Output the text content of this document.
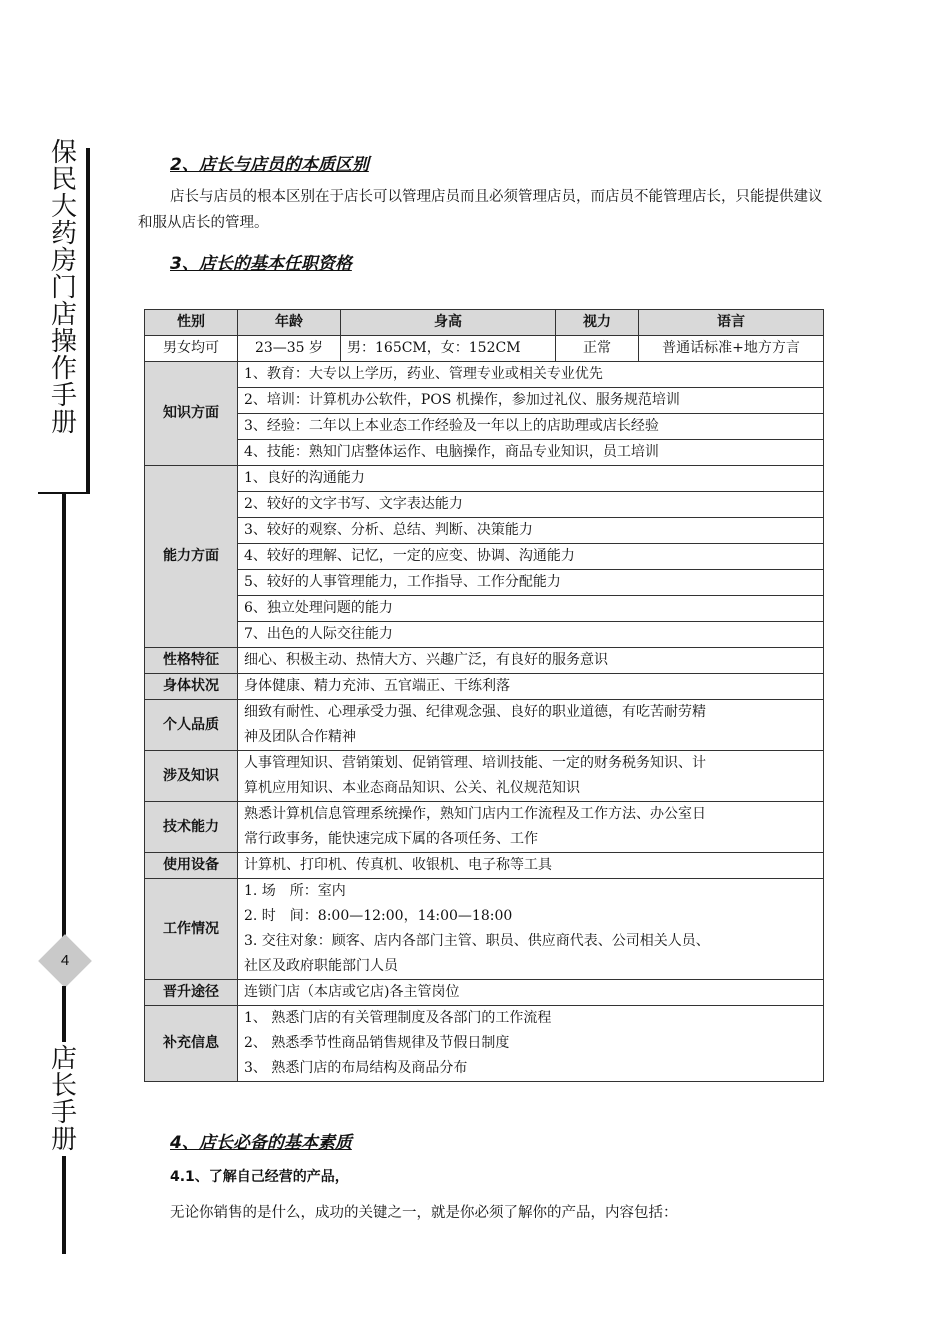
保民大药房门店操作手册
4
店长手册
2、店长与店员的本质区别
店长与店员的根本区别在于店长可以管理店员而且必须管理店员，而店员不能管理店长，只能提供建议和服从店长的管理。
3、店长的基本任职资格
性别	年龄	身高	视力	语言
男女均可	23—35 岁	男：165CM，女：152CM	正常	普通话标准+地方方言
知识方面	1、教育：大专以上学历，药业、管理专业或相关专业优先			
	2、培训：计算机办公软件，POS 机操作，参加过礼仪、服务规范培训			
	3、经验：二年以上本业态工作经验及一年以上的店助理或店长经验			
	4、技能：熟知门店整体运作、电脑操作，商品专业知识，员工培训			
能力方面	1、良好的沟通能力			
	2、较好的文字书写、文字表达能力			
	3、较好的观察、分析、总结、判断、决策能力			
	4、较好的理解、记忆，一定的应变、协调、沟通能力			
	5、较好的人事管理能力，工作指导、工作分配能力			
	6、独立处理问题的能力			
	7、出色的人际交往能力			
性格特征	细心、积极主动、热情大方、兴趣广泛，有良好的服务意识			
身体状况	身体健康、精力充沛、五官端正、干练利落			
个人品质	细致有耐性、心理承受力强、纪律观念强、良好的职业道德，有吃苦耐劳精
神及团队合作精神			

涉及知识	人事管理知识、营销策划、促销管理、培训技能、一定的财务税务知识、计
算机应用知识、本业态商品知识、公关、礼仪规范知识			

技术能力	熟悉计算机信息管理系统操作，熟知门店内工作流程及工作方法、办公室日
常行政事务，能快速完成下属的各项任务、工作			

使用设备	计算机、打印机、传真机、收银机、电子称等工具			
工作情况	1. 场　所：室内
2. 时　间：8:00—12:00，14:00—18:00
3. 交往对象：顾客、店内各部门主管、职员、供应商代表、公司相关人员、
社区及政府职能部门人员			

晋升途径	连锁门店（本店或它店)各主管岗位			
补充信息	1、 熟悉门店的有关管理制度及各部门的工作流程
2、 熟悉季节性商品销售规律及节假日制度
3、 熟悉门店的布局结构及商品分布			
4、店长必备的基本素质
4.1、了解自己经营的产品，
无论你销售的是什么，成功的关键之一，就是你必须了解你的产品，内容包括：
